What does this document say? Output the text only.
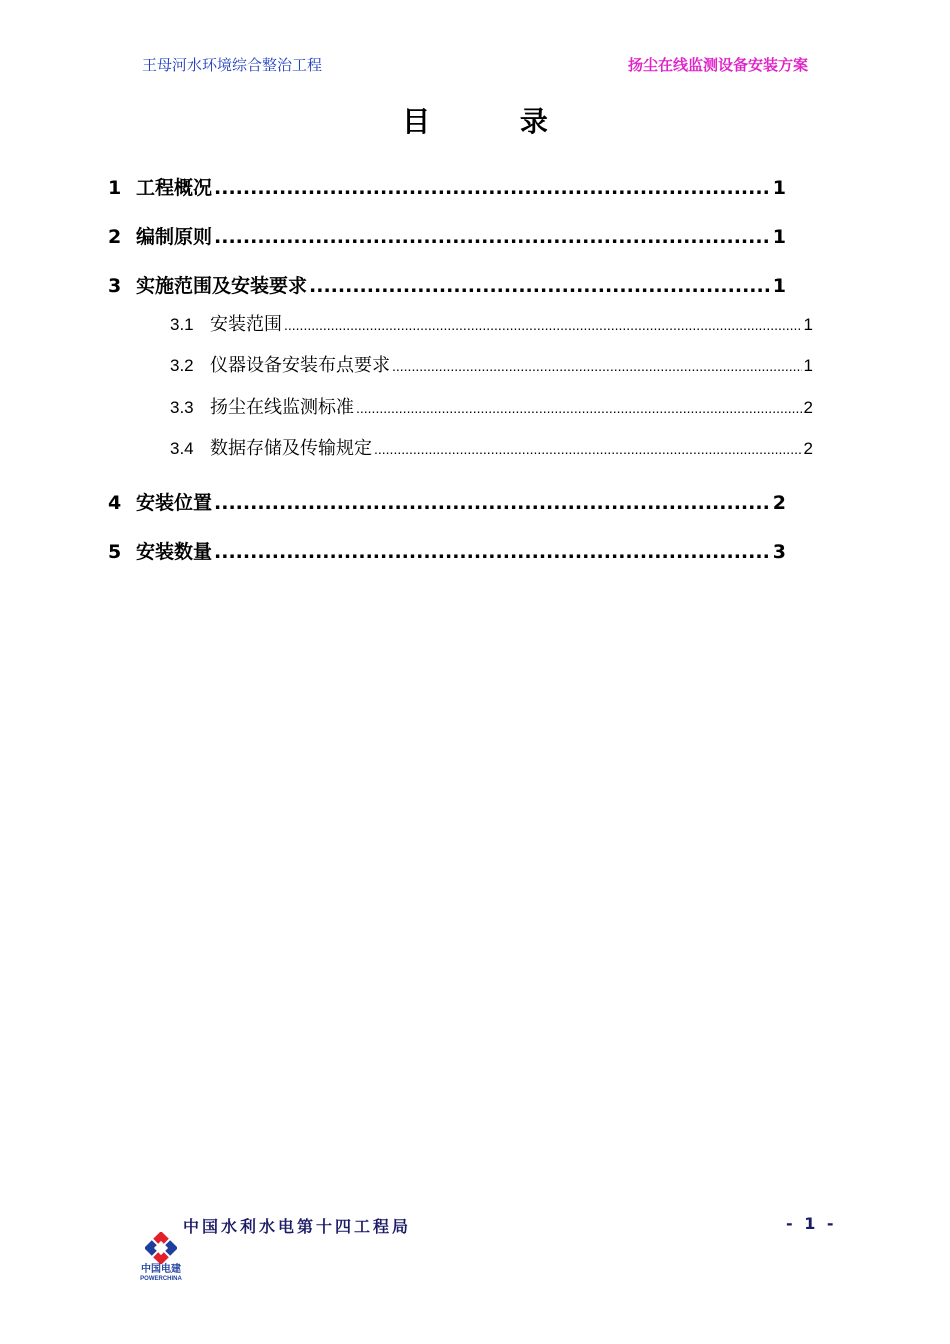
王母河水环境综合整治工程	扬尘在线监测设备安装方案
目 录
1 工程概况 .....	1
2 编制原则 .....	1
3 实施范围及安装要求 .....	1
3.1 安装范围 .....	1
3.2 仪器设备安装布点要求 .....	1
3.3 扬尘在线监测标准 .....	2
3.4 数据存储及传输规定 .....	2
4 安装位置 .....	2
5 安装数量 .....	3
中国水利水电第十四工程局	- 1 -
中国电建
POWERCHINA
